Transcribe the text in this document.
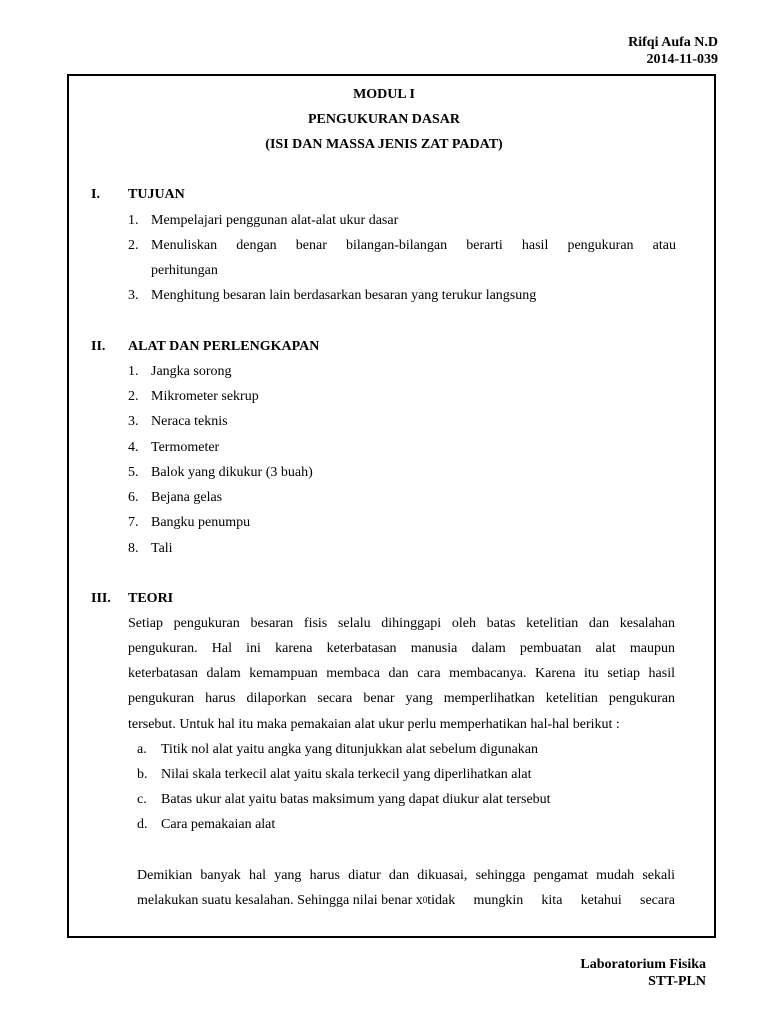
Rifqi Aufa N.D
2014-11-039
MODUL I
PENGUKURAN DASAR
(ISI DAN MASSA JENIS ZAT PADAT)
I. TUJUAN
1. Mempelajari penggunan alat-alat ukur dasar
2. Menuliskan dengan benar bilangan-bilangan berarti hasil pengukuran atau
perhitungan
3. Menghitung besaran lain berdasarkan besaran yang terukur langsung
II. ALAT DAN PERLENGKAPAN
1. Jangka sorong
2. Mikrometer sekrup
3. Neraca teknis
4. Termometer
5. Balok yang dikukur (3 buah)
6. Bejana gelas
7. Bangku penumpu
8. Tali
III. TEORI
Setiap pengukuran besaran fisis selalu dihinggapi oleh batas ketelitian dan kesalahan
pengukuran. Hal ini karena keterbatasan manusia dalam pembuatan alat maupun
keterbatasan dalam kemampuan membaca dan cara membacanya. Karena itu setiap hasil
pengukuran harus dilaporkan secara benar yang memperlihatkan ketelitian pengukuran
tersebut. Untuk hal itu maka pemakaian alat ukur perlu memperhatikan hal-hal berikut :
a. Titik nol alat yaitu angka yang ditunjukkan alat sebelum digunakan
b. Nilai skala terkecil alat yaitu skala terkecil yang diperlihatkan alat
c. Batas ukur alat yaitu batas maksimum yang dapat diukur alat tersebut
d. Cara pemakaian alat
Demikian banyak hal yang harus diatur dan dikuasai, sehingga pengamat mudah sekali
melakukan suatu kesalahan. Sehingga nilai benar x 0 tidak mungkin kita ketahui secara
Laboratorium Fisika
STT-PLN
